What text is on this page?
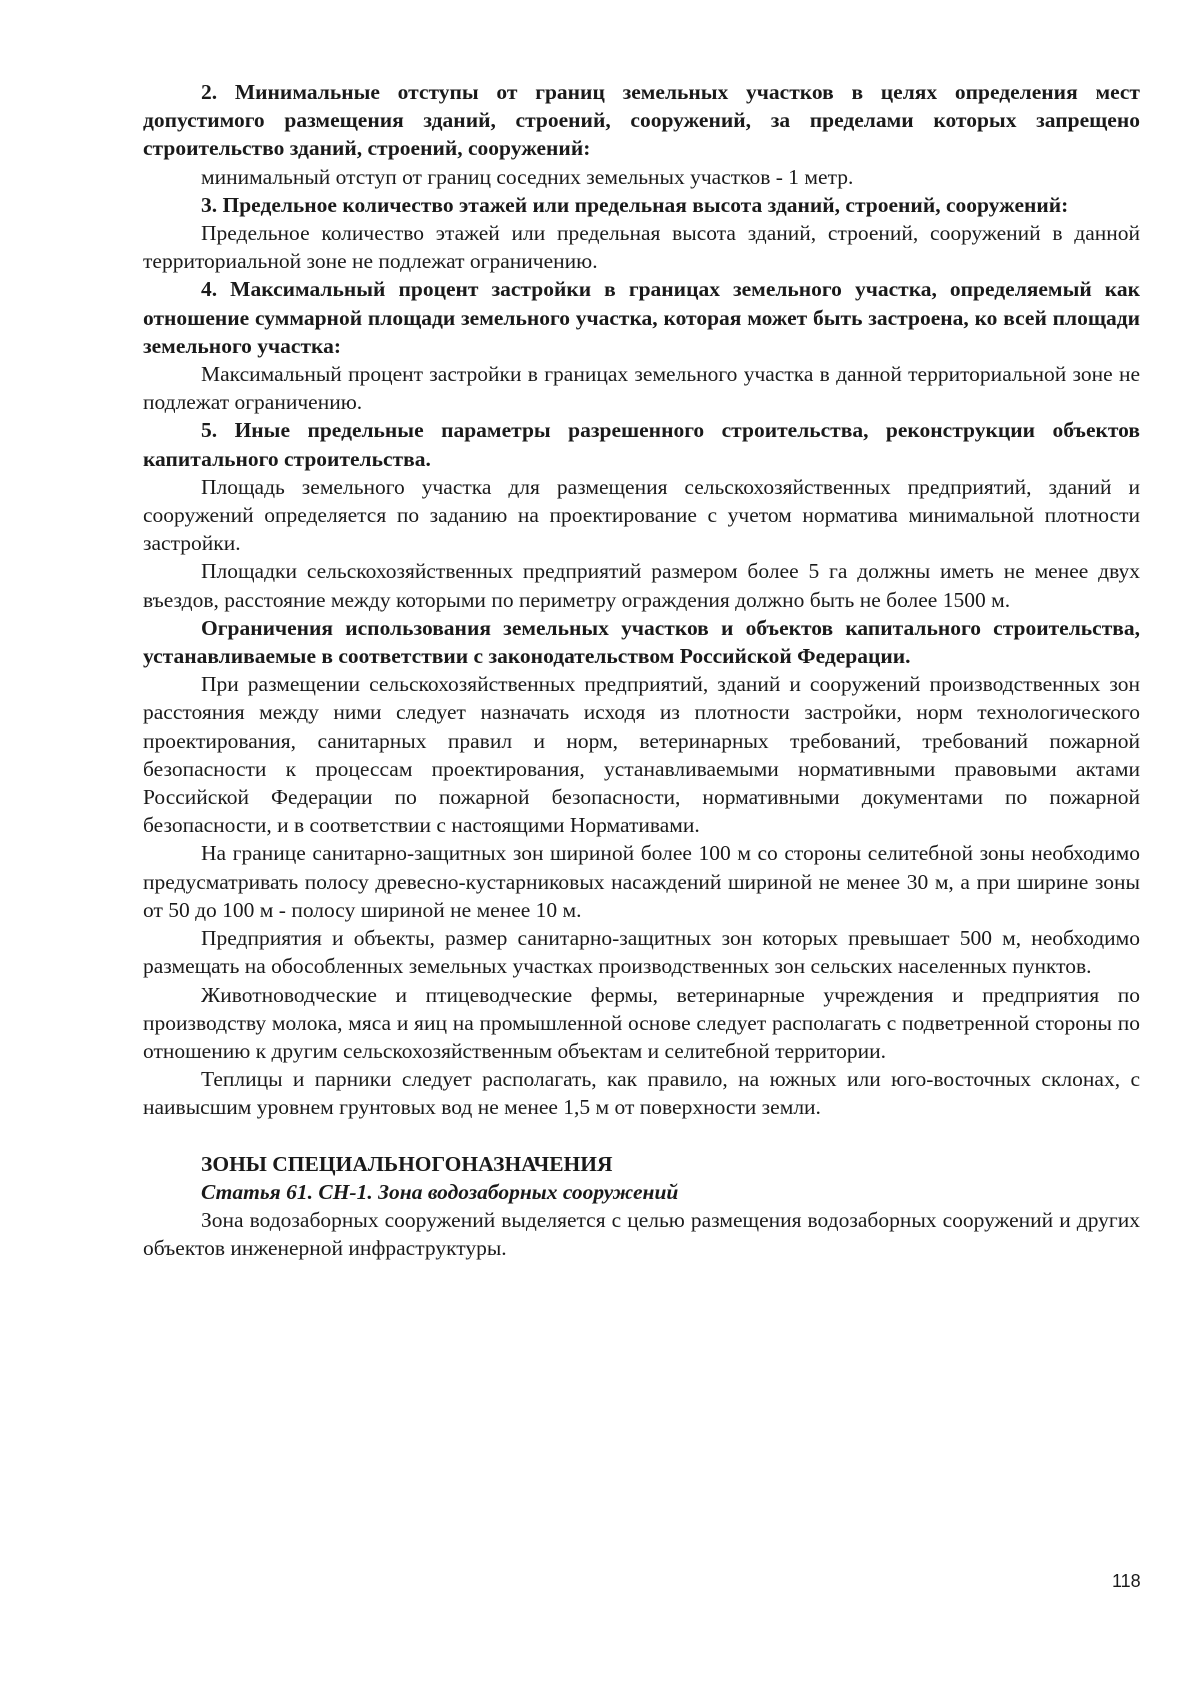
2. Минимальные отступы от границ земельных участков в целях определения мест допустимого размещения зданий, строений, сооружений, за пределами которых запрещено строительство зданий, строений, сооружений:

минимальный отступ от границ соседних земельных участков - 1 метр.

3. Предельное количество этажей или предельная высота зданий, строений, сооружений:

Предельное количество этажей или предельная высота зданий, строений, сооружений в данной территориальной зоне не подлежат ограничению.

4. Максимальный процент застройки в границах земельного участка, определяемый как отношение суммарной площади земельного участка, которая может быть застроена, ко всей площади земельного участка:

Максимальный процент застройки в границах земельного участка в данной территориальной зоне не подлежат ограничению.

5. Иные предельные параметры разрешенного строительства, реконструкции объектов капитального строительства.

Площадь земельного участка для размещения сельскохозяйственных предприятий, зданий и сооружений определяется по заданию на проектирование с учетом норматива минимальной плотности застройки.

Площадки сельскохозяйственных предприятий размером более 5 га должны иметь не менее двух въездов, расстояние между которыми по периметру ограждения должно быть не более 1500 м.

Ограничения использования земельных участков и объектов капитального строительства, устанавливаемые в соответствии с законодательством Российской Федерации.

При размещении сельскохозяйственных предприятий, зданий и сооружений производственных зон расстояния между ними следует назначать исходя из плотности застройки, норм технологического проектирования, санитарных правил и норм, ветеринарных требований, требований пожарной безопасности к процессам проектирования, устанавливаемыми нормативными правовыми актами Российской Федерации по пожарной безопасности, нормативными документами по пожарной безопасности, и в соответствии с настоящими Нормативами.

На границе санитарно-защитных зон шириной более 100 м со стороны селитебной зоны необходимо предусматривать полосу древесно-кустарниковых насаждений шириной не менее 30 м, а при ширине зоны от 50 до 100 м - полосу шириной не менее 10 м.

Предприятия и объекты, размер санитарно-защитных зон которых превышает 500 м, необходимо размещать на обособленных земельных участках производственных зон сельских населенных пунктов.

Животноводческие и птицеводческие фермы, ветеринарные учреждения и предприятия по производству молока, мяса и яиц на промышленной основе следует располагать с подветренной стороны по отношению к другим сельскохозяйственным объектам и селитебной территории.

Теплицы и парники следует располагать, как правило, на южных или юго-восточных склонах, с наивысшим уровнем грунтовых вод не менее 1,5 м от поверхности земли.

ЗОНЫ СПЕЦИАЛЬНОГОНАЗНАЧЕНИЯ

Статья 61. СН-1. Зона водозаборных сооружений

Зона водозаборных сооружений выделяется с целью размещения водозаборных сооружений и других объектов инженерной инфраструктуры.

118
